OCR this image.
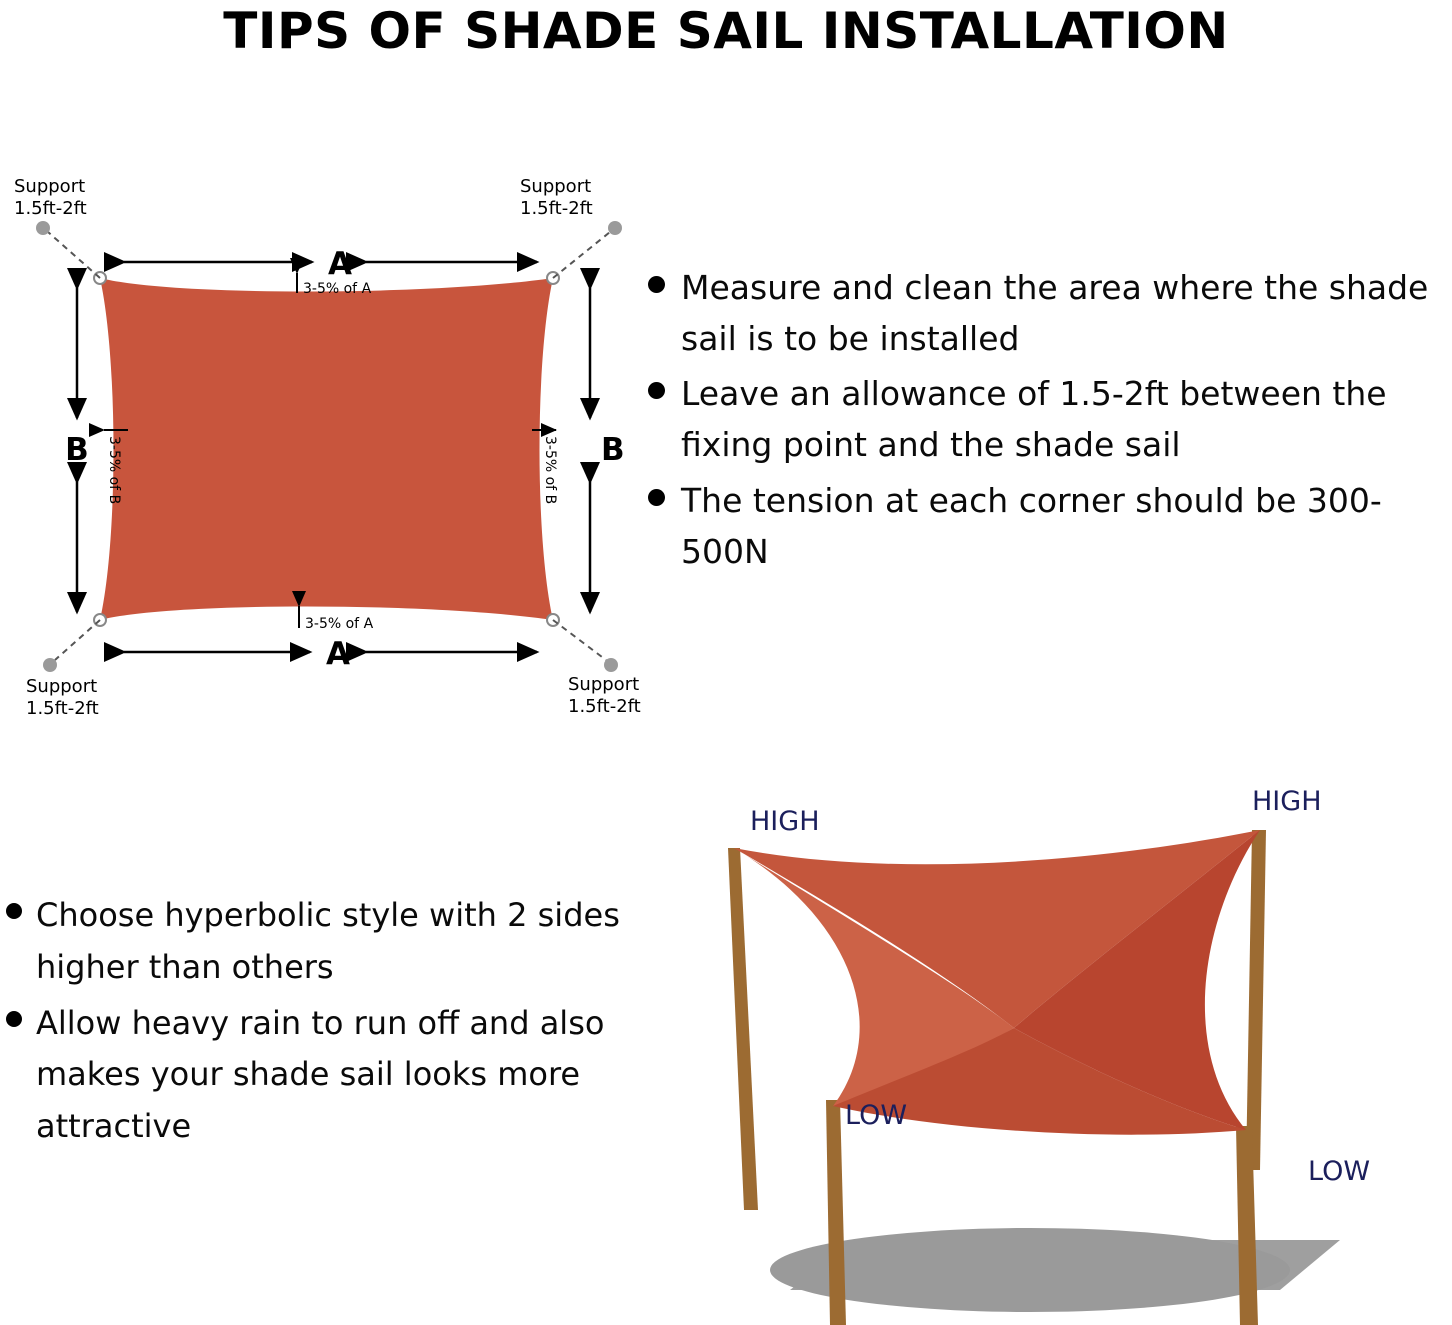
TIPS OF SHADE SAIL INSTALLATION
A
3-5% of A
A
3-5% of A
B 3-5% of B	B
3-5% of B
Support
1.5ft-2ft
Support
1.5ft-2ft
Support
1.5ft-2ft
Support
1.5ft-2ft
Measure and clean the area where the shade sail is to be installed
Leave an allowance of 1.5-2ft between the fixing point and the shade sail
The tension at each corner should be 300-500N
Choose hyperbolic style with 2 sides higher than others
Allow heavy rain to run off and also makes your shade sail looks more attractive
HIGH
HIGH
LOW
LOW
